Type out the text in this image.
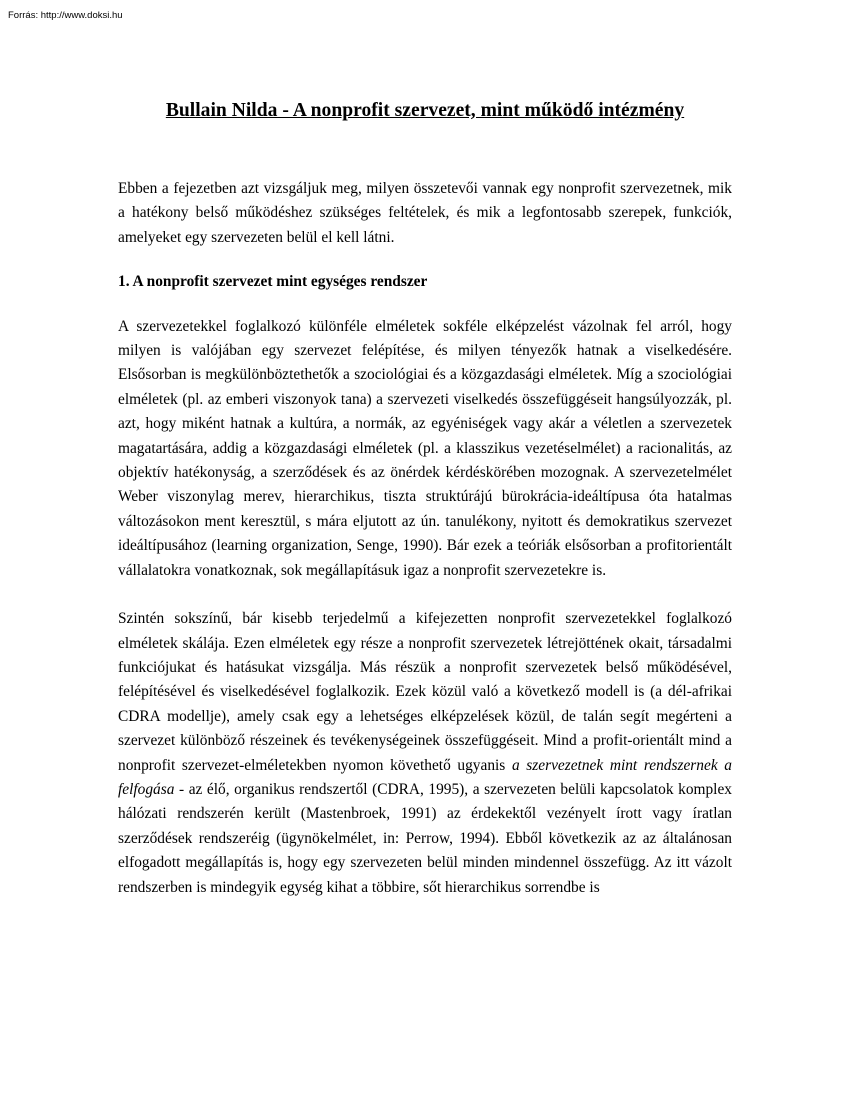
Forrás: http://www.doksi.hu
Bullain Nilda - A nonprofit szervezet, mint működő intézmény

Ebben a fejezetben azt vizsgáljuk meg, milyen összetevői vannak egy nonprofit szervezetnek, mik a hatékony belső működéshez szükséges feltételek, és mik a legfontosabb szerepek, funkciók, amelyeket egy szervezeten belül el kell látni.

1. A nonprofit szervezet mint egységes rendszer

A szervezetekkel foglalkozó különféle elméletek sokféle elképzelést vázolnak fel arról, hogy milyen is valójában egy szervezet felépítése, és milyen tényezők hatnak a viselkedésére. Elsősorban is megkülönböztethetők a szociológiai és a közgazdasági elméletek. Míg a szociológiai elméletek (pl. az emberi viszonyok tana) a szervezeti viselkedés összefüggéseit hangsúlyozzák, pl. azt, hogy miként hatnak a kultúra, a normák, az egyéniségek vagy akár a véletlen a szervezetek magatartására, addig a közgazdasági elméletek (pl. a klasszikus vezetéselmélet) a racionalitás, az objektív hatékonyság, a szerződések és az önérdek kérdéskörében mozognak. A szervezetelmélet Weber viszonylag merev, hierarchikus, tiszta struktúrájú bürokrácia-ideáltípusa óta hatalmas változásokon ment keresztül, s mára eljutott az ún. tanulékony, nyitott és demokratikus szervezet ideáltípusához (learning organization, Senge, 1990). Bár ezek a teóriák elsősorban a profitorientált vállalatokra vonatkoznak, sok megállapításuk igaz a nonprofit szervezetekre is.

Szintén sokszínű, bár kisebb terjedelmű a kifejezetten nonprofit szervezetekkel foglalkozó elméletek skálája. Ezen elméletek egy része a nonprofit szervezetek létrejöttének okait, társadalmi funkciójukat és hatásukat vizsgálja. Más részük a nonprofit szervezetek belső működésével, felépítésével és viselkedésével foglalkozik. Ezek közül való a következő modell is (a dél-afrikai CDRA modellje), amely csak egy a lehetséges elképzelések közül, de talán segít megérteni a szervezet különböző részeinek és tevékenységeinek összefüggéseit. Mind a profit-orientált mind a nonprofit szervezet-elméletekben nyomon követhető ugyanis a szervezetnek mint rendszernek a felfogása - az élő, organikus rendszertől (CDRA, 1995), a szervezeten belüli kapcsolatok komplex hálózati rendszerén került (Mastenbroek, 1991) az érdekektől vezényelt írott vagy íratlan szerződések rendszeréig (ügynökelmélet, in: Perrow, 1994). Ebből következik az az általánosan elfogadott megállapítás is, hogy egy szervezeten belül minden mindennel összefügg. Az itt vázolt rendszerben is mindegyik egység kihat a többire, sőt hierarchikus sorrendbe is
